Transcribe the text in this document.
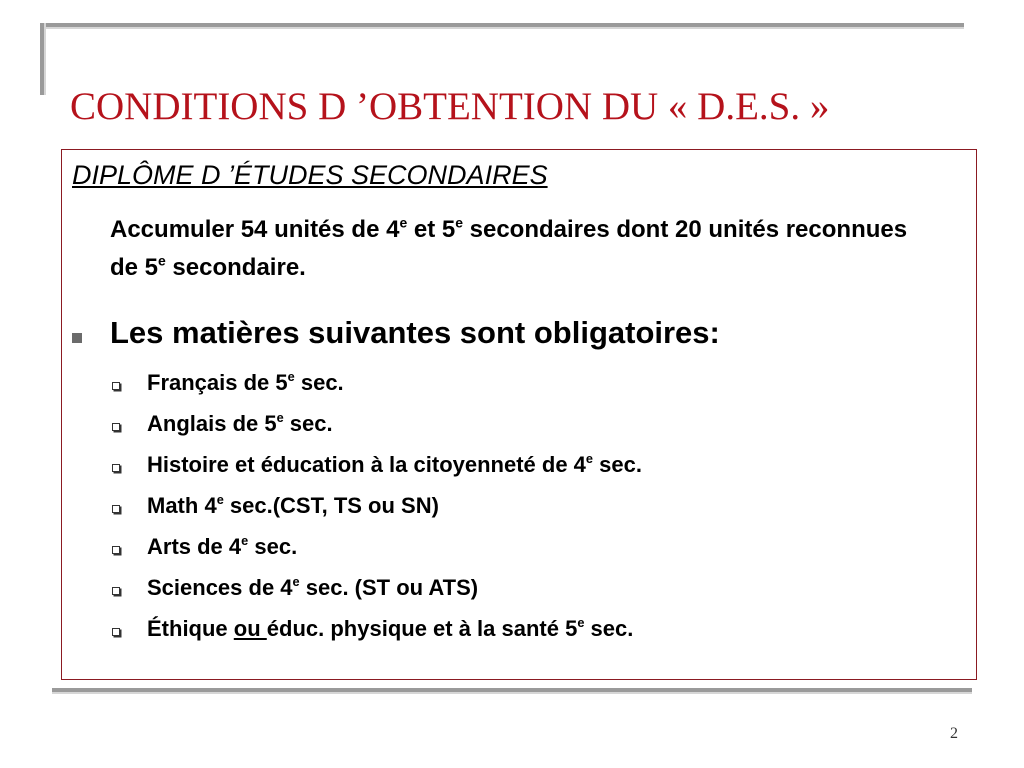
CONDITIONS D ’OBTENTION DU « D.E.S. »
DIPLÔME D ’ÉTUDES SECONDAIRES

Accumuler 54 unités de 4e et 5e secondaires dont 20 unités reconnues de 5e secondaire.

Les matières suivantes sont obligatoires:
Français de 5e sec.
Anglais de 5e sec.
Histoire et éducation à la citoyenneté de 4e sec.
Math 4e sec.(CST, TS ou SN)
Arts de 4e sec.
Sciences de 4e sec. (ST ou ATS)
Éthique ou éduc. physique et à la santé 5e sec.
2
